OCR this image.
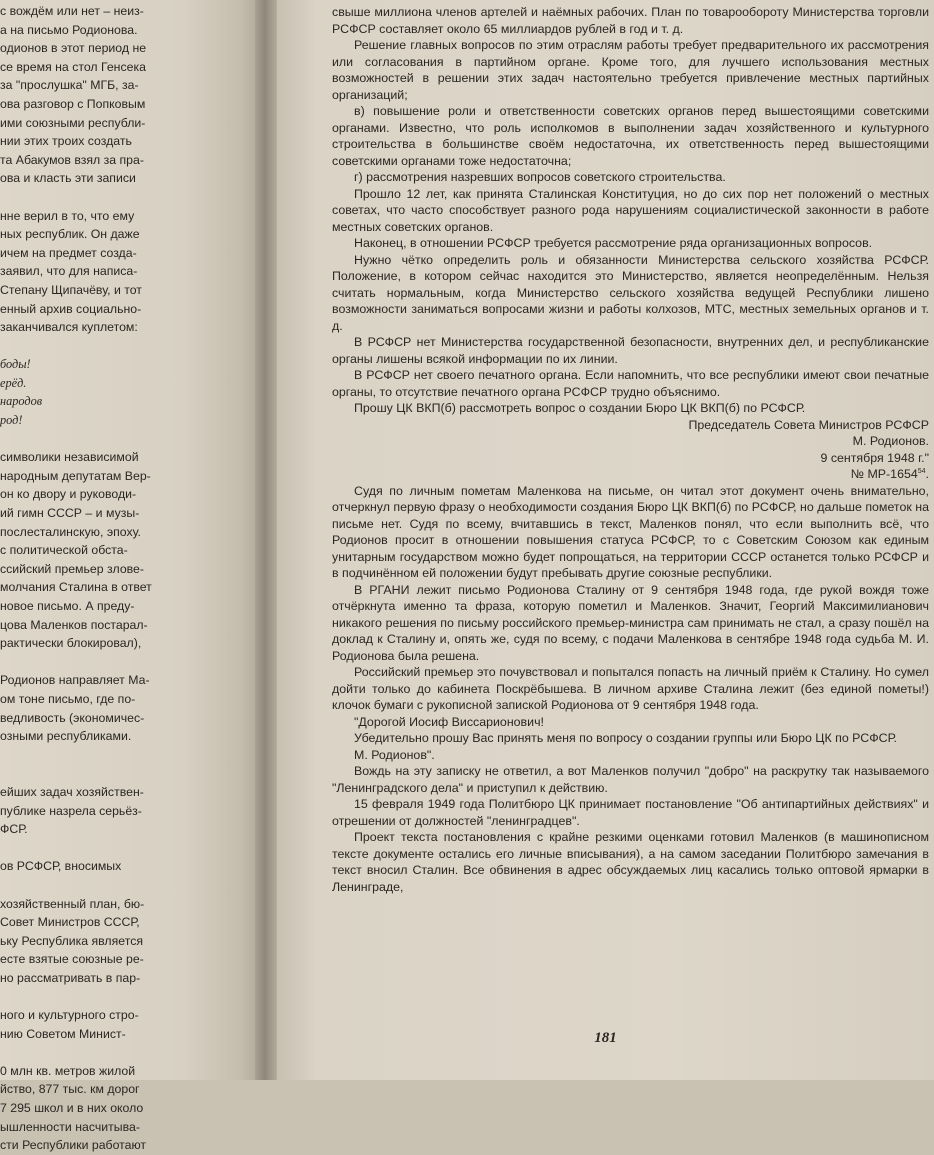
с вождём или нет – неиз-
а на письмо Родионова.
одионов в этот период не
се время на стол Генсека
за "прослушка" МГБ, за-
ова разговор с Попковым
ими союзными республи-
нии этих троих создать
та Абакумов взял за пра-
ова и класть эти записи
нне верил в то, что ему
ных республик. Он даже
ичем на предмет созда-
заявил, что для написа-
Степану Щипачёву, и тот
енный архив социально-
заканчивался куплетом:
боды!
ерёд.
народов
род!
символики независимой
народным депутатам Вер-
он ко двору и руководи-
ий гимн СССР – и музы-
послесталинскую, эпоху.
с политической обста-
ссийский премьер злове-
молчания Сталина в ответ
новое письмо. А преду-
цова Маленков постарал-
рактически блокировал),
Родионов направляет Ма-
ом тоне письмо, где по-
ведливость (экономичес-
озными республиками.
ейших задач хозяйствен-
публике назрела серьёз-
ФСР.
ов РСФСР, вносимых
хозяйственный план, бю-
Совет Министров СССР,
ьку Республика является
есте взятые союзные ре-
но рассматривать в пар-
ного и культурного стро-
нию Советом Минист-
0 млн кв. метров жилой
йство, 877 тыс. км дорог
7 295 школ и в них около
ышленности насчитыва-
сти Республики работают

свыше миллиона членов артелей и наёмных рабочих. План по товарообороту Министерства торговли РСФСР составляет около 65 миллиардов рублей в год и т. д.

Решение главных вопросов по этим отраслям работы требует предварительного их рассмотрения или согласования в партийном органе. Кроме того, для лучшего использования местных возможностей в решении этих задач настоятельно требуется привлечение местных партийных организаций;

в) повышение роли и ответственности советских органов перед вышестоящими советскими органами. Известно, что роль исполкомов в выполнении задач хозяйственного и культурного строительства в большинстве своём недостаточна, их ответственность перед вышестоящими советскими органами тоже недостаточна;

г) рассмотрения назревших вопросов советского строительства.

Прошло 12 лет, как принята Сталинская Конституция, но до сих пор нет положений о местных советах, что часто способствует разного рода нарушениям социалистической законности в работе местных советских органов.

Наконец, в отношении РСФСР требуется рассмотрение ряда организационных вопросов.

Нужно чётко определить роль и обязанности Министерства сельского хозяйства РСФСР. Положение, в котором сейчас находится это Министерство, является неопределённым. Нельзя считать нормальным, когда Министерство сельского хозяйства ведущей Республики лишено возможности заниматься вопросами жизни и работы колхозов, МТС, местных земельных органов и т. д.

В РСФСР нет Министерства государственной безопасности, внутренних дел, и республиканские органы лишены всякой информации по их линии.

В РСФСР нет своего печатного органа. Если напомнить, что все республики имеют свои печатные органы, то отсутствие печатного органа РСФСР трудно объяснимо.

Прошу ЦК ВКП(б) рассмотреть вопрос о создании Бюро ЦК ВКП(б) по РСФСР.

Председатель Совета Министров РСФСР

М. Родионов.

9 сентября 1948 г."

№ МР-1654$^{54}$.

Судя по личным пометам Маленкова на письме, он читал этот документ очень внимательно, отчеркнул первую фразу о необходимости создания Бюро ЦК ВКП(б) по РСФСР, но дальше пометок на письме нет. Судя по всему, вчитавшись в текст, Маленков понял, что если выполнить всё, что Родионов просит в отношении повышения статуса РСФСР, то с Советским Союзом как единым унитарным государством можно будет попрощаться, на территории СССР останется только РСФСР и в подчинённом ей положении будут пребывать другие союзные республики.

В РГАНИ лежит письмо Родионова Сталину от 9 сентября 1948 года, где рукой вождя тоже отчёркнута именно та фраза, которую пометил и Маленков. Значит, Георгий Максимилианович никакого решения по письму российского премьер-министра сам принимать не стал, а сразу пошёл на доклад к Сталину и, опять же, судя по всему, с подачи Маленкова в сентябре 1948 года судьба М. И. Родионова была решена.

Российский премьер это почувствовал и попытался попасть на личный приём к Сталину. Но сумел дойти только до кабинета Поскрёбышева. В личном архиве Сталина лежит (без единой пометы!) клочок бумаги с рукописной запиской Родионова от 9 сентября 1948 года.

"Дорогой Иосиф Виссарионович!

Убедительно прошу Вас принять меня по вопросу о создании группы или Бюро ЦК по РСФСР.

М. Родионов".

Вождь на эту записку не ответил, а вот Маленков получил "добро" на раскрутку так называемого "Ленинградского дела" и приступил к действию.

15 февраля 1949 года Политбюро ЦК принимает постановление "Об антипартийных действиях" и отрешении от должностей "ленинградцев".

Проект текста постановления с крайне резкими оценками готовил Маленков (в машинописном тексте документе остались его личные вписывания), а на самом заседании Политбюро замечания в текст вносил Сталин. Все обвинения в адрес обсуждаемых лиц касались только оптовой ярмарки в Ленинграде,

181
